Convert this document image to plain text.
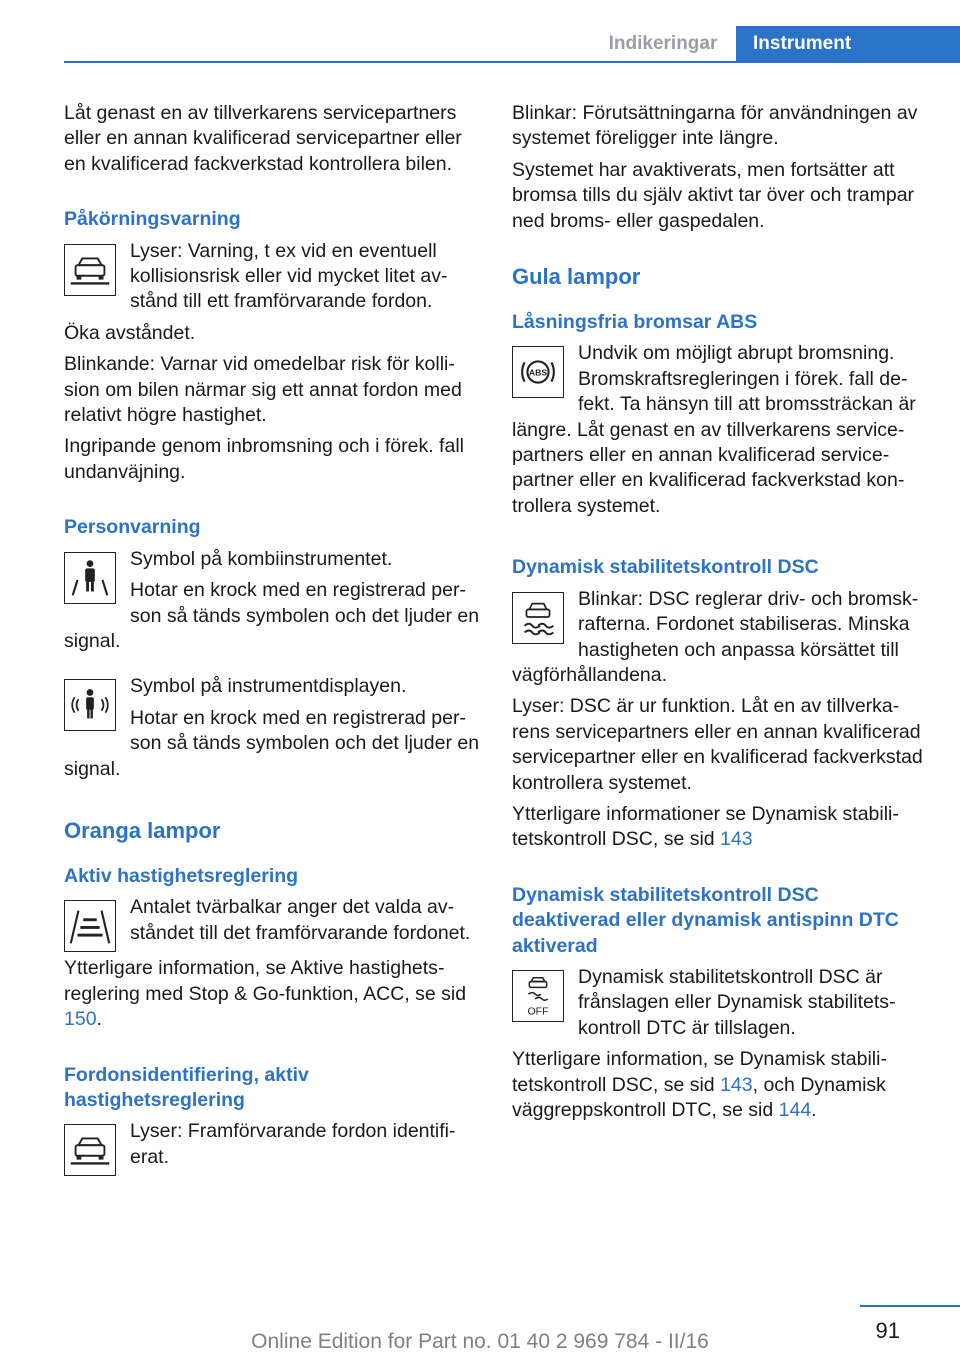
Indikeringar	Instrument

Låt genast en av tillverkarens servicepartners eller en annan kvalificerad servicepartner eller en kvalificerad fackverkstad kontrollera bilen.

Påkörningsvarning

Lyser: Varning, t ex vid en eventuell kollisionsrisk eller vid mycket litet avstånd till ett framförvarande fordon.

Öka avståndet.

Blinkande: Varnar vid omedelbar risk för kollision om bilen närmar sig ett annat fordon med relativt högre hastighet.

Ingripande genom inbromsning och i förek. fall undanväjning.

Personvarning

Symbol på kombiinstrumentet.

Hotar en krock med en registrerad person så tänds symbolen och det ljuder en signal.

Symbol på instrumentdisplayen.

Hotar en krock med en registrerad person så tänds symbolen och det ljuder en signal.

Oranga lampor
Aktiv hastighetsreglering

Antalet tvärbalkar anger det valda avståndet till det framförvarande fordonet.

Ytterligare information, se Aktive hastighetsreglering med Stop & Go-funktion, ACC, se sid 150.

Fordonsidentifiering, aktiv hastighetsreglering

Lyser: Framförvarande fordon identifierat.

Blinkar: Förutsättningarna för användningen av systemet föreligger inte längre.

Systemet har avaktiverats, men fortsätter att bromsa tills du själv aktivt tar över och trampar ned broms- eller gaspedalen.

Gula lampor
Låsningsfria bromsar ABS
ABS

Undvik om möjligt abrupt bromsning. Bromskraftsregleringen i förek. fall defekt. Ta hänsyn till att bromssträckan är längre. Låt genast en av tillverkarens servicepartners eller en annan kvalificerad servicepartner eller en kvalificerad fackverkstad kontrollera systemet.

Dynamisk stabilitetskontroll DSC

Blinkar: DSC reglerar driv- och bromskrafterna. Fordonet stabiliseras. Minska hastigheten och anpassa körsättet till vägförhållandena.

Lyser: DSC är ur funktion. Låt en av tillverkarens servicepartners eller en annan kvalificerad servicepartner eller en kvalificerad fackverkstad kontrollera systemet.

Ytterligare informationer se Dynamisk stabilitetskontroll DSC, se sid 143

Dynamisk stabilitetskontroll DSC deaktiverad eller dynamisk antispinn DTC aktiverad
OFF

Dynamisk stabilitetskontroll DSC är frånslagen eller Dynamisk stabilitetskontroll DTC är tillslagen.

Ytterligare information, se Dynamisk stabilitetskontroll DSC, se sid 143, och Dynamisk väggreppskontroll DTC, se sid 144.

91
Online Edition for Part no. 01 40 2 969 784 - II/16
